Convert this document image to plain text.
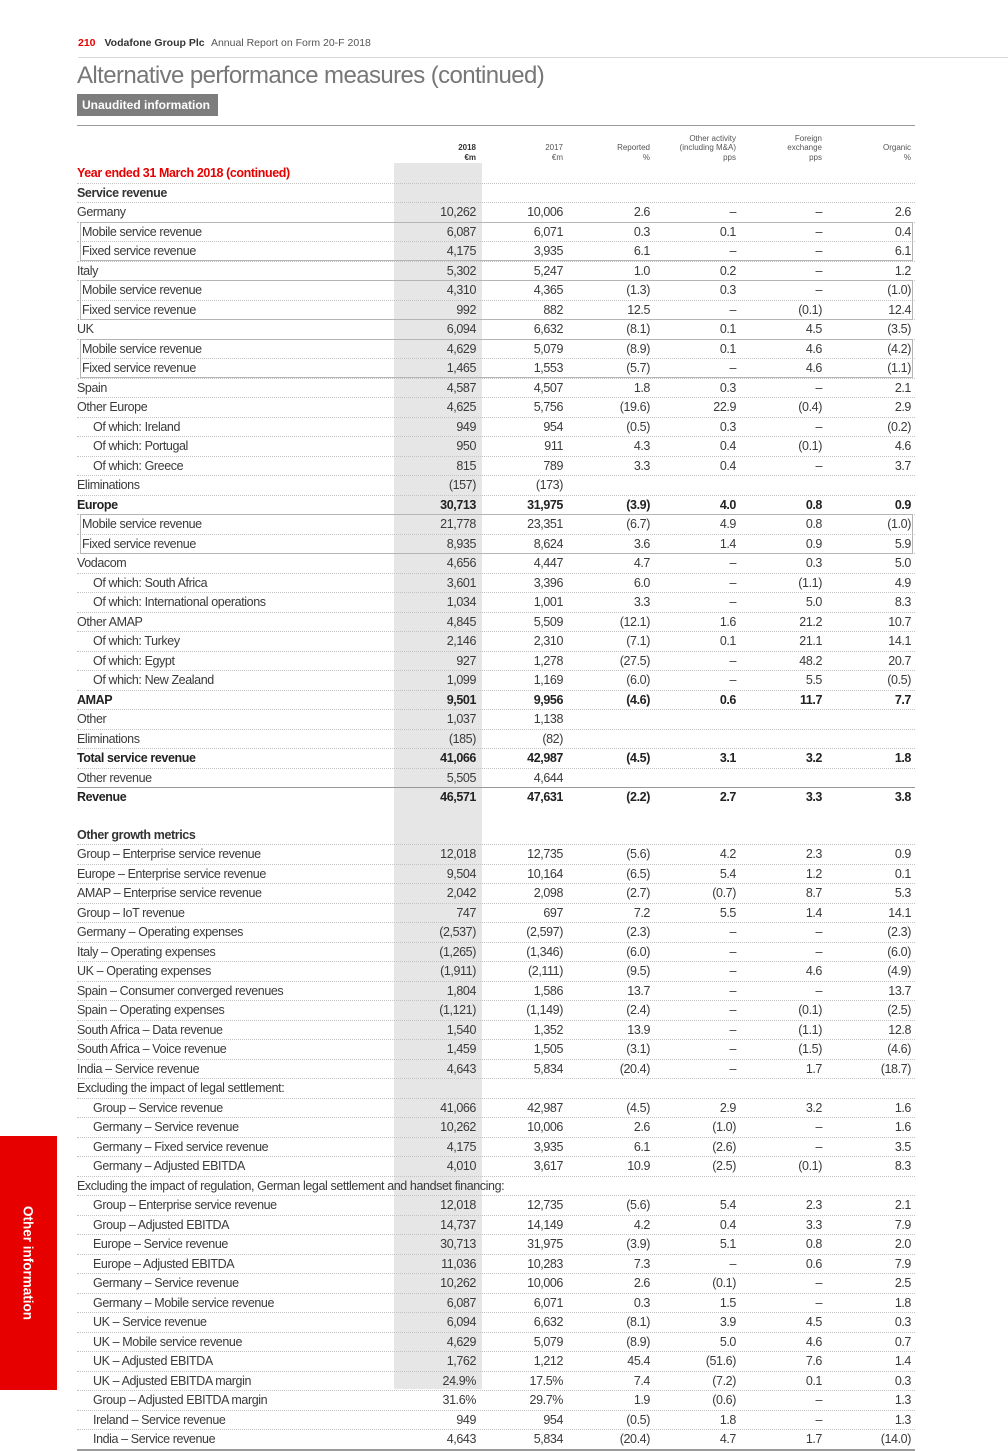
210 Vodafone Group Plc Annual Report on Form 20-F 2018
Alternative performance measures (continued)
Unaudited information
2018
€m
2017
€m
Reported
%
Other activity
(including M&A)
pps
Foreign
exchange
pps
Organic
%
Year ended 31 March 2018 (continued)
Service revenue
Germany	10,262	10,006	2.6	–	–	2.6
Mobile service revenue	6,087	6,071	0.3	0.1	–	0.4
Fixed service revenue	4,175	3,935	6.1	–	–	6.1
Italy	5,302	5,247	1.0	0.2	–	1.2
Mobile service revenue	4,310	4,365	(1.3)	0.3	–	(1.0)
Fixed service revenue	992	882	12.5	–	(0.1)	12.4
UK	6,094	6,632	(8.1)	0.1	4.5	(3.5)
Mobile service revenue	4,629	5,079	(8.9)	0.1	4.6	(4.2)
Fixed service revenue	1,465	1,553	(5.7)	–	4.6	(1.1)
Spain	4,587	4,507	1.8	0.3	–	2.1
Other Europe	4,625	5,756	(19.6)	22.9	(0.4)	2.9
Of which: Ireland	949	954	(0.5)	0.3	–	(0.2)
Of which: Portugal	950	911	4.3	0.4	(0.1)	4.6
Of which: Greece	815	789	3.3	0.4	–	3.7
Eliminations	(157)	(173)
Europe	30,713	31,975	(3.9)	4.0	0.8	0.9
Mobile service revenue	21,778	23,351	(6.7)	4.9	0.8	(1.0)
Fixed service revenue	8,935	8,624	3.6	1.4	0.9	5.9
Vodacom	4,656	4,447	4.7	–	0.3	5.0
Of which: South Africa	3,601	3,396	6.0	–	(1.1)	4.9
Of which: International operations	1,034	1,001	3.3	–	5.0	8.3
Other AMAP	4,845	5,509	(12.1)	1.6	21.2	10.7
Of which: Turkey	2,146	2,310	(7.1)	0.1	21.1	14.1
Of which: Egypt	927	1,278	(27.5)	–	48.2	20.7
Of which: New Zealand	1,099	1,169	(6.0)	–	5.5	(0.5)
AMAP	9,501	9,956	(4.6)	0.6	11.7	7.7
Other	1,037	1,138
Eliminations	(185)	(82)
Total service revenue	41,066	42,987	(4.5)	3.1	3.2	1.8
Other revenue	5,505	4,644
Revenue	46,571	47,631	(2.2)	2.7	3.3	3.8
Other growth metrics
Group – Enterprise service revenue	12,018	12,735	(5.6)	4.2	2.3	0.9
Europe – Enterprise service revenue	9,504	10,164	(6.5)	5.4	1.2	0.1
AMAP – Enterprise service revenue	2,042	2,098	(2.7)	(0.7)	8.7	5.3
Group – IoT revenue	747	697	7.2	5.5	1.4	14.1
Germany – Operating expenses	(2,537)	(2,597)	(2.3)	–	–	(2.3)
Italy – Operating expenses	(1,265)	(1,346)	(6.0)	–	–	(6.0)
UK – Operating expenses	(1,911)	(2,111)	(9.5)	–	4.6	(4.9)
Spain – Consumer converged revenues	1,804	1,586	13.7	–	–	13.7
Spain – Operating expenses	(1,121)	(1,149)	(2.4)	–	(0.1)	(2.5)
South Africa – Data revenue	1,540	1,352	13.9	–	(1.1)	12.8
South Africa – Voice revenue	1,459	1,505	(3.1)	–	(1.5)	(4.6)
India – Service revenue	4,643	5,834	(20.4)	–	1.7	(18.7)
Excluding the impact of legal settlement:
Group – Service revenue	41,066	42,987	(4.5)	2.9	3.2	1.6
Germany – Service revenue	10,262	10,006	2.6	(1.0)	–	1.6
Germany – Fixed service revenue	4,175	3,935	6.1	(2.6)	–	3.5
Germany – Adjusted EBITDA	4,010	3,617	10.9	(2.5)	(0.1)	8.3
Excluding the impact of regulation, German legal settlement and handset financing:
Group – Enterprise service revenue	12,018	12,735	(5.6)	5.4	2.3	2.1
Group – Adjusted EBITDA	14,737	14,149	4.2	0.4	3.3	7.9
Europe – Service revenue	30,713	31,975	(3.9)	5.1	0.8	2.0
Europe – Adjusted EBITDA	11,036	10,283	7.3	–	0.6	7.9
Germany – Service revenue	10,262	10,006	2.6	(0.1)	–	2.5
Germany – Mobile service revenue	6,087	6,071	0.3	1.5	–	1.8
UK – Service revenue	6,094	6,632	(8.1)	3.9	4.5	0.3
UK – Mobile service revenue	4,629	5,079	(8.9)	5.0	4.6	0.7
UK – Adjusted EBITDA	1,762	1,212	45.4	(51.6)	7.6	1.4
UK – Adjusted EBITDA margin	24.9%	17.5%	7.4	(7.2)	0.1	0.3
Group – Adjusted EBITDA margin	31.6%	29.7%	1.9	(0.6)	–	1.3
Ireland – Service revenue	949	954	(0.5)	1.8	–	1.3
India – Service revenue	4,643	5,834	(20.4)	4.7	1.7	(14.0)
Other information
